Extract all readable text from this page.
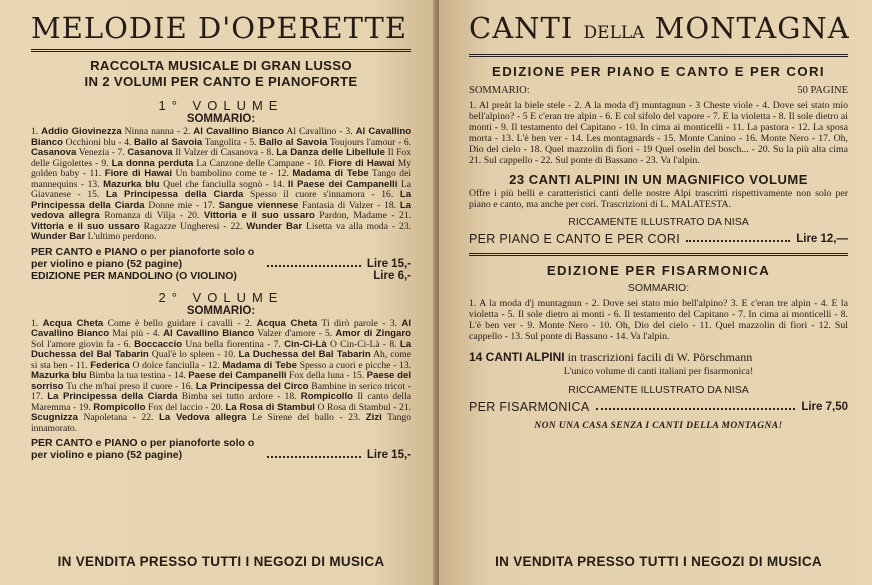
MELODIE D'OPERETTE
RACCOLTA MUSICALE DI GRAN LUSSO
IN 2 VOLUMI PER CANTO E PIANOFORTE
1° VOLUME
SOMMARIO:
1. Addio Giovinezza Ninna nanna - 2. Al Cavallino Bianco Al Cavallino - 3. Al Cavallino Bianco Occhioni blu - 4. Ballo al Savoia Tangolita - 5. Ballo al Savoia Toujours l'amour - 6. Casanova Venezia - 7. Casanova Il Valzer di Casanova - 8. La Danza delle Libellule Il Fox delle Gigolettes - 9. La donna perduta La Canzone delle Campane - 10. Fiore di Hawai My golden baby - 11. Fiore di Hawai Un bambolino come te - 12. Madama di Tebe Tango dei mannequins - 13. Mazurka blu Quel che fanciulla sognò - 14. Il Paese dei Campanelli La Giavanese - 15. La Principessa della Ciarda Spesso il cuore s'innamora - 16. La Principessa della Ciarda Donne mie - 17. Sangue viennese Fantasia di Valzer - 18. La vedova allegra Romanza di Vilja - 20. Vittoria e il suo ussaro Pardon, Madame - 21. Vittoria e il suo ussaro Ragazze Ungheresi - 22. Wunder Bar Lisetta va alla moda - 23. Wunder Bar L'ultimo perdono.
PER CANTO e PIANO o per pianoforte solo o per violino e piano (52 pagine)	Lire 15,-
EDIZIONE PER MANDOLINO (O VIOLINO)	Lire 6,-
2° VOLUME
SOMMARIO:
1. Acqua Cheta Come è bello guidare i cavalli - 2. Acqua Cheta Ti dirò parole - 3. Al Cavallino Bianco Mai più - 4. Al Cavallino Bianco Valzer d'amore - 5. Amor di Zingaro Sol l'amore giovin fa - 6. Boccaccio Una bella fiorentina - 7. Cin-Ci-Là O Cin-Ci-Là - 8. La Duchessa del Bal Tabarin Qual'è lo spleen - 10. La Duchessa del Bal Tabarin Ah, come si sta ben - 11. Federica O dolce fanciulla - 12. Madama di Tebe Spesso a cuori e picche - 13. Mazurka blu Bimba la tua testina - 14. Paese dei Campanelli Fox della luna - 15. Paese del sorriso Tu che m'hai preso il cuore - 16. La Principessa del Circo Bambine in serico tricot - 17. La Principessa della Ciarda Bimba sei tutto ardore - 18. Rompicollo Il canto della Maremma - 19. Rompicollo Fox del laccio - 20. La Rosa di Stambul O Rosa di Stambul - 21. Scugnizza Napoletana - 22. La Vedova allegra Le Sirene del ballo - 23. Zizì Tango innamorato.
PER CANTO e PIANO o per pianoforte solo o per violino e piano (52 pagine)	Lire 15,-
IN VENDITA PRESSO TUTTI I NEGOZI DI MUSICA
CANTI DELLA MONTAGNA
EDIZIONE PER PIANO E CANTO E PER CORI
SOMMARIO:	50 PAGINE
1. Al preàt la biele stele - 2. A la moda d'j muntagnun - 3 Cheste viole - 4. Dove sei stato mio bell'alpino? - 5 E c'eran tre alpin - 6. E col sifolo del vapore - 7. E la violetta - 8. Il sole dietro ai monti - 9. Il testamento del Capitano - 10. In cima ai monticelli - 11. La pastora - 12. La sposa morta - 13. L'è ben ver - 14. Les montagnards - 15. Monte Canino - 16. Monte Nero - 17. Oh, Dio del cielo - 18. Quel mazzolin di fiori - 19 Quel oselin del bosch... - 20. Su la più alta cima 21. Sul cappello - 22. Sul ponte di Bassano - 23. Va l'alpin.
23 CANTI ALPINI IN UN MAGNIFICO VOLUME
Offre i più belli e caratteristici canti delle nostre Alpi trascritti rispettivamente non solo per piano e canto, ma anche per cori. Trascrizioni di L. MALATESTA.
RICCAMENTE ILLUSTRATO DA NISA
PER PIANO E CANTO E PER CORI	Lire 12,—
EDIZIONE PER FISARMONICA
SOMMARIO:
1. A la moda d'j muntagnun - 2. Dove sei stato mio bell'alpino? 3. E c'eran tre alpin - 4. E la violetta - 5. Il sole dietro ai monti - 6. Il testamento del Capitano - 7. In cima ai monticelli - 8. L'è ben ver - 9. Monte Nero - 10. Oh, Dio del cielo - 11. Quel mazzolin di fiori - 12. Sul cappello - 13. Sul ponte di Bassano - 14. Va l'alpin.
14 CANTI ALPINI in trascrizioni facili di W. Pörschmann
L'unico volume di canti italiani per fisarmonica!
RICCAMENTE ILLUSTRATO DA NISA
PER FISARMONICA	Lire 7,50
NON UNA CASA SENZA I CANTI DELLA MONTAGNA!
IN VENDITA PRESSO TUTTI I NEGOZI DI MUSICA
